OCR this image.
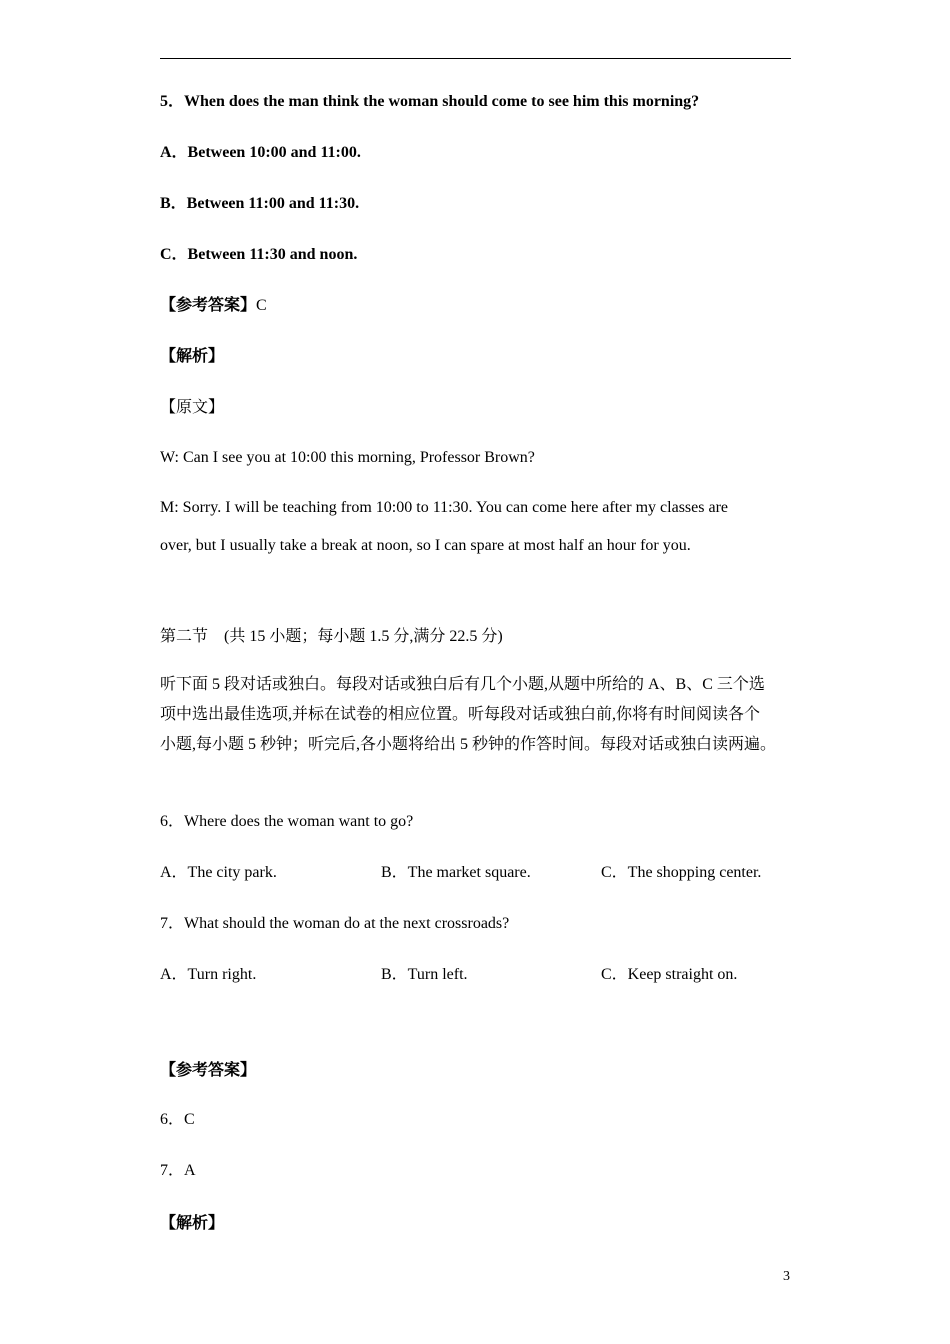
5．When does the man think the woman should come to see him this morning?
A．Between 10:00 and 11:00.
B．Between 11:00 and 11:30.
C．Between 11:30 and noon.
【参考答案】C
【解析】
【原文】
W: Can I see you at 10:00 this morning, Professor Brown?
M: Sorry. I will be teaching from 10:00 to 11:30. You can come here after my classes are
over, but I usually take a break at noon, so I can spare at most half an hour for you.
第二节　(共 15 小题；每小题 1.5 分,满分 22.5 分)
听下面 5 段对话或独白。每段对话或独白后有几个小题,从题中所给的 A、B、C 三个选
项中选出最佳选项,并标在试卷的相应位置。听每段对话或独白前,你将有时间阅读各个
小题,每小题 5 秒钟；听完后,各小题将给出 5 秒钟的作答时间。每段对话或独白读两遍。
6．Where does the woman want to go?
A．The city park.	B．The market square.	C．The shopping center.
7．What should the woman do at the next crossroads?
A．Turn right.	B．Turn left.	C．Keep straight on.
【参考答案】
6．C
7．A
【解析】
3
